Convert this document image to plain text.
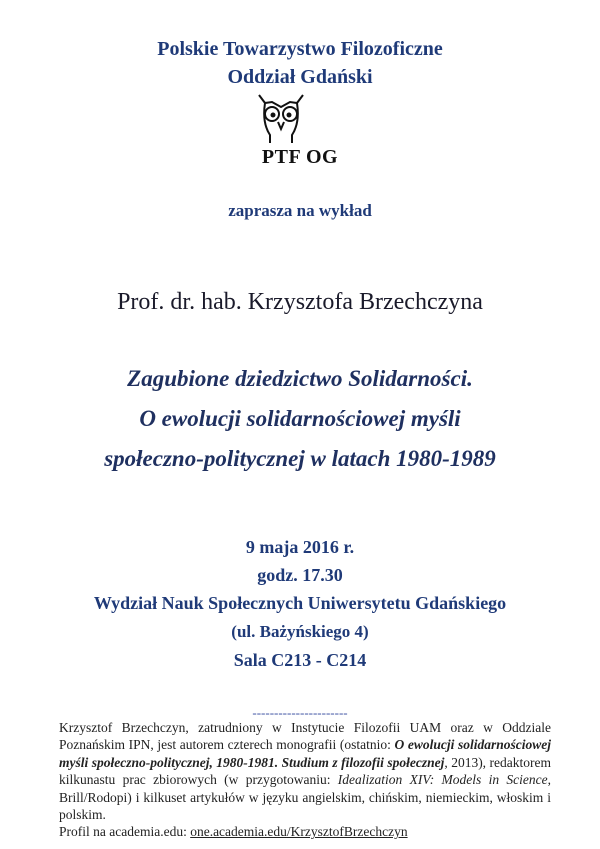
Polskie Towarzystwo Filozoficzne
Oddział Gdański
PTF OG
zaprasza na wykład
Prof. dr. hab. Krzysztofa Brzechczyna
Zagubione dziedzictwo Solidarności.
O ewolucji solidarnościowej myśli
społeczno-politycznej w latach 1980-1989
9 maja 2016 r.
godz. 17.30
Wydział Nauk Społecznych Uniwersytetu Gdańskiego
(ul. Bażyńskiego 4)
Sala C213 - C214
----------------------
Krzysztof Brzechczyn, zatrudniony w Instytucie Filozofii UAM oraz w Oddziale Poznańskim IPN, jest autorem czterech monografii (ostatnio: O ewolucji solidarnościowej myśli społeczno-politycznej, 1980-1981. Studium z filozofii społecznej, 2013), redaktorem kilkunastu prac zbiorowych (w przygotowaniu: Idealization XIV: Models in Science, Brill/Rodopi) i kilkuset artykułów w języku angielskim, chińskim, niemieckim, włoskim i polskim.
Profil na academia.edu: one.academia.edu/KrzysztofBrzechczyn
